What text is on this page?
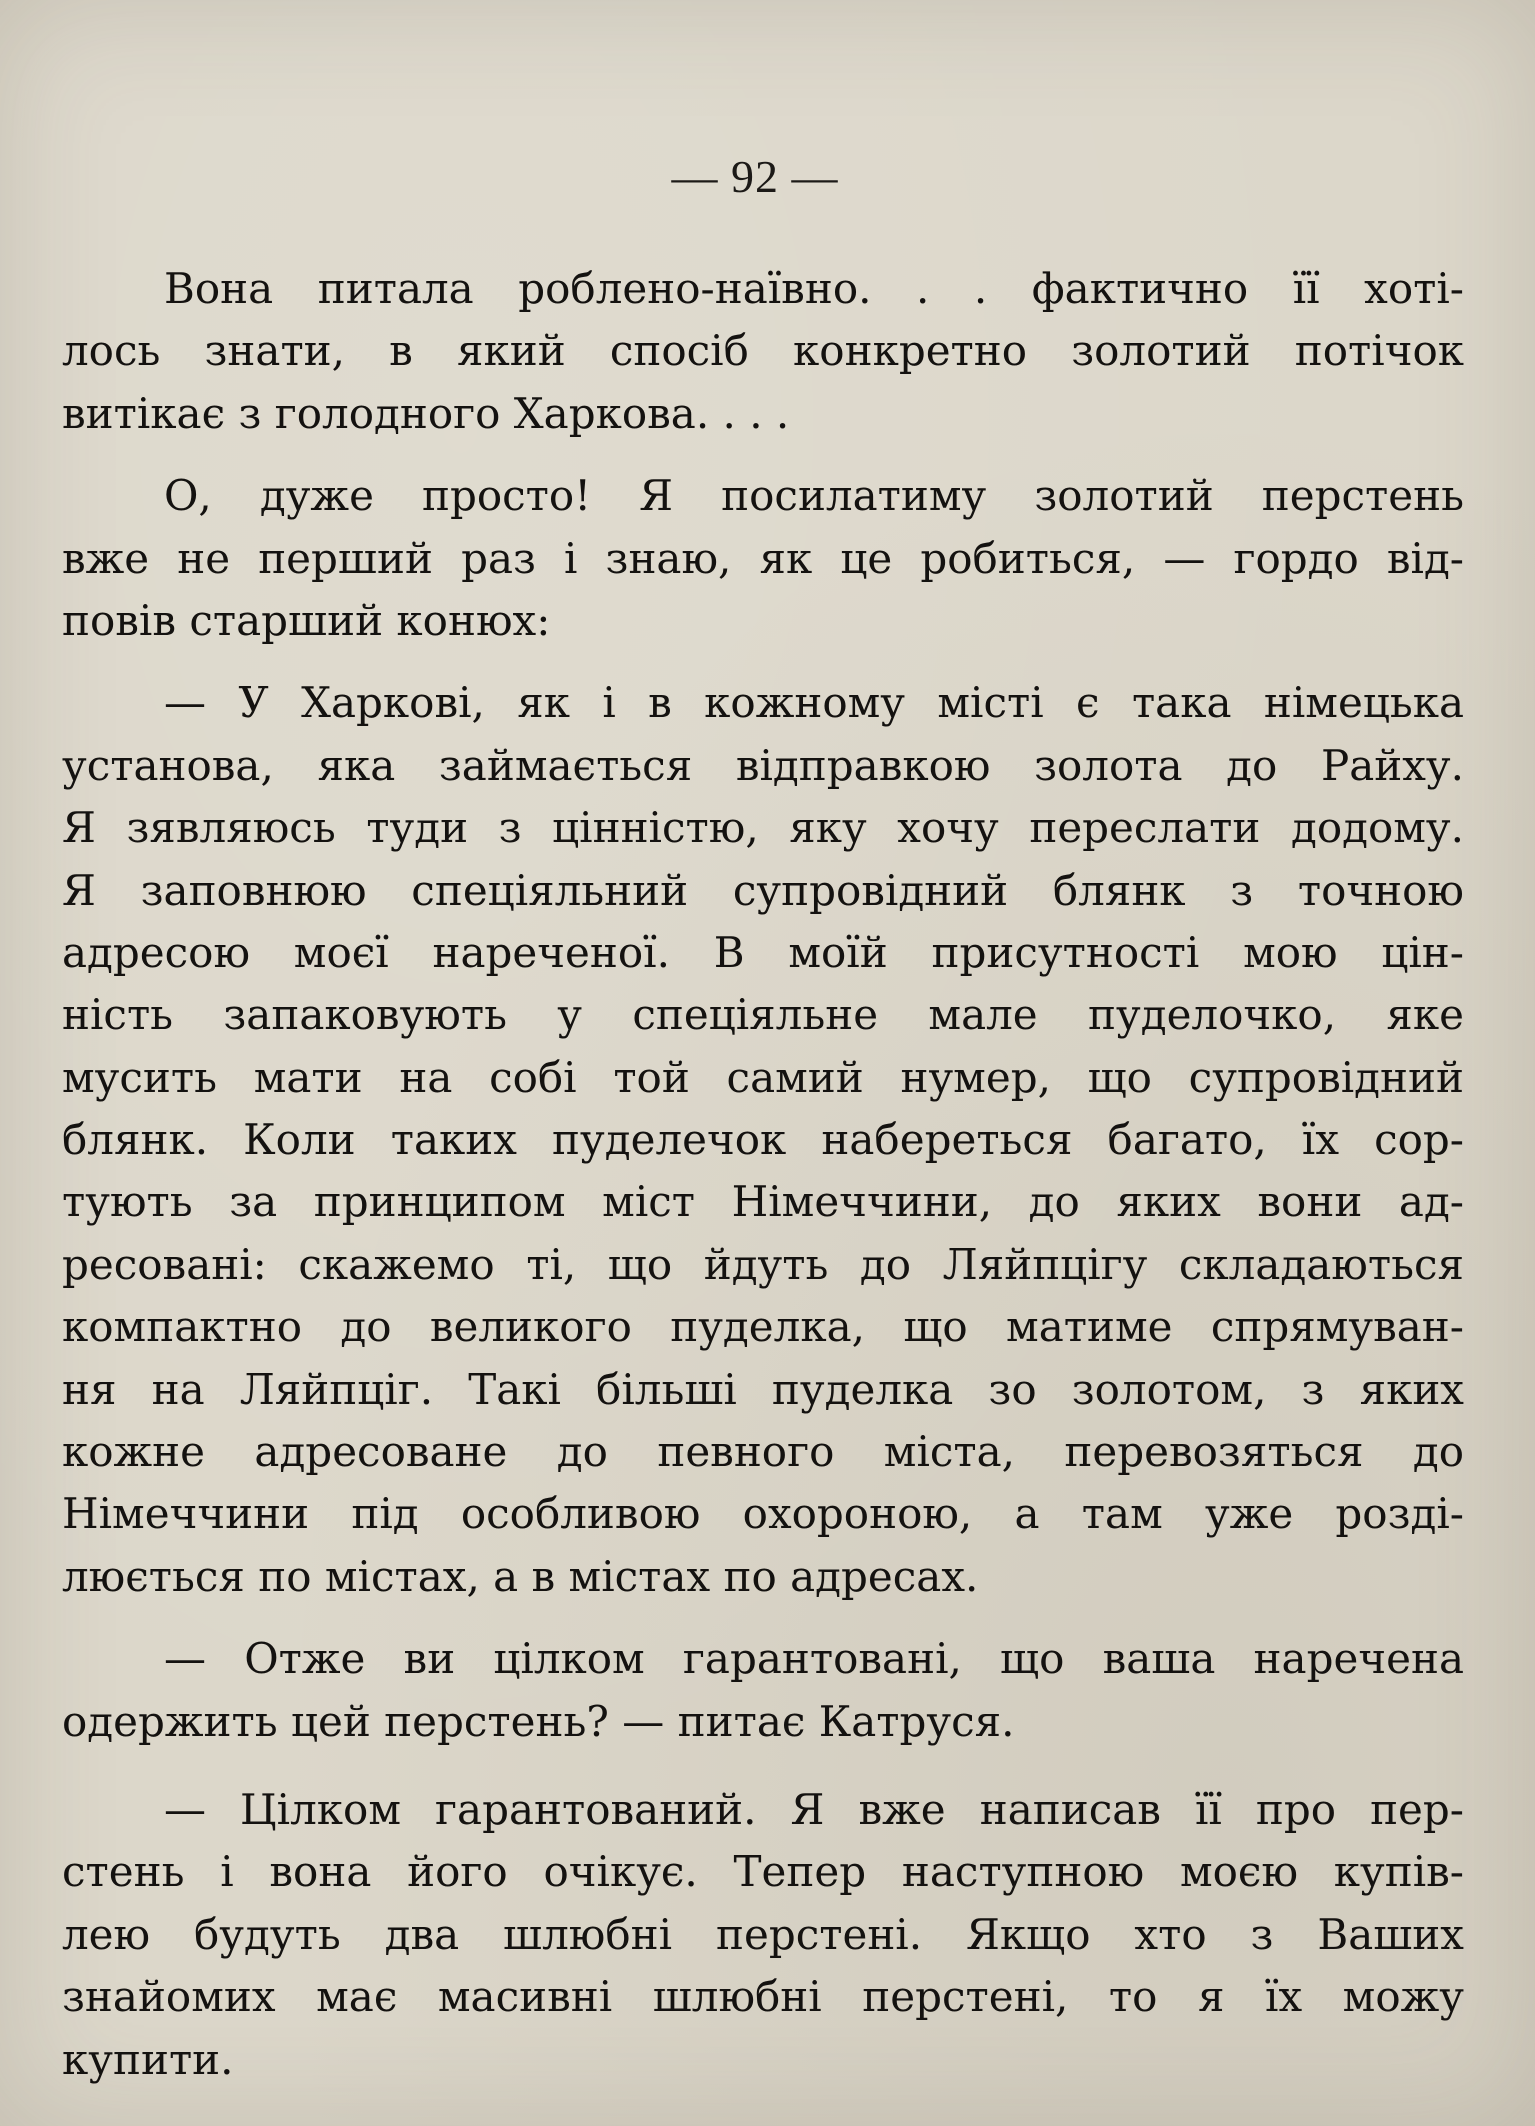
— 92 —
Вона питала роблено-наївно. . . фактично її хоті-
лось знати, в який спосіб конкретно золотий потічок
витікає з голодного Харкова. . . .
О, дуже просто! Я посилатиму золотий перстень
вже не перший раз і знаю, як це робиться, — гордо від-
повів старший конюх:
— У Харкові, як і в кожному місті є така німецька
установа, яка займається відправкою золота до Райху.
Я зявляюсь туди з цінністю, яку хочу переслати додому.
Я заповнюю спеціяльний супровідний блянк з точною
адресою моєї нареченої. В моїй присутності мою цін-
ність запаковують у спеціяльне мале пуделочко, яке
мусить мати на собі той самий нумер, що супровідний
блянк. Коли таких пуделечок набереться багато, їх сор-
тують за принципом міст Німеччини, до яких вони ад-
ресовані: скажемо ті, що йдуть до Ляйпцігу складаються
компактно до великого пуделка, що матиме спрямуван-
ня на Ляйпціг. Такі більші пуделка зо золотом, з яких
кожне адресоване до певного міста, перевозяться до
Німеччини під особливою охороною, а там уже розді-
люється по містах, а в містах по адресах.
— Отже ви цілком гарантовані, що ваша наречена
одержить цей перстень? — питає Катруся.
— Цілком гарантований. Я вже написав її про пер-
стень і вона його очікує. Тепер наступною моєю купів-
лею будуть два шлюбні перстені. Якщо хто з Ваших
знайомих має масивні шлюбні перстені, то я їх можу
купити.
